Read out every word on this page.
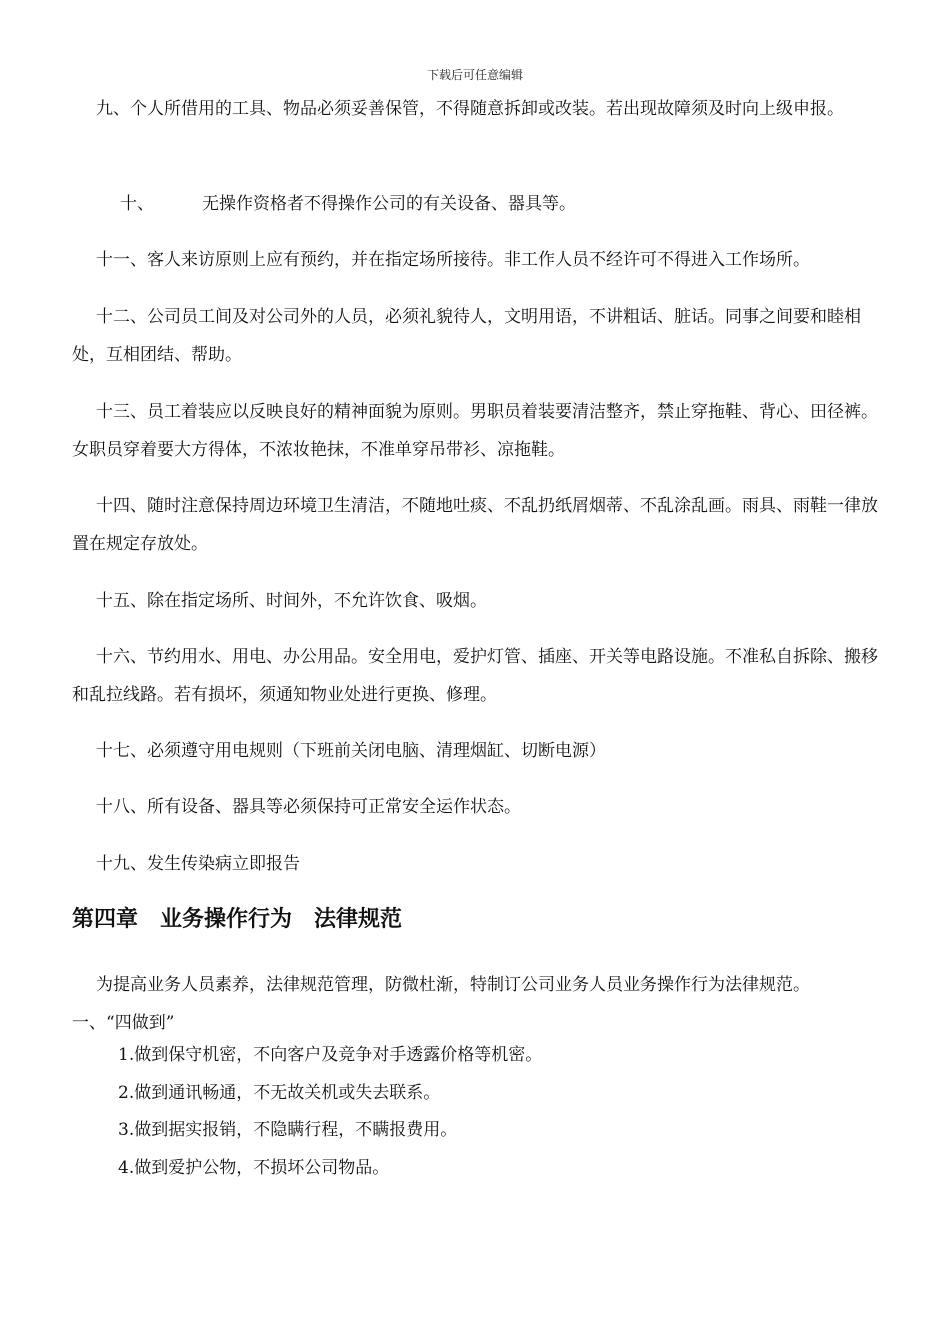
下载后可任意编辑

九、个人所借用的工具、物品必须妥善保管，不得随意拆卸或改装。若出现故障须及时向上级申报。

十、	无操作资格者不得操作公司的有关设备、器具等。

十一、客人来访原则上应有预约，并在指定场所接待。非工作人员不经许可不得进入工作场所。

十二、公司员工间及对公司外的人员，必须礼貌待人，文明用语，不讲粗话、脏话。同事之间要和睦相处，互相团结、帮助。

十三、员工着装应以反映良好的精神面貌为原则。男职员着装要清洁整齐，禁止穿拖鞋、背心、田径裤。女职员穿着要大方得体，不浓妆艳抹，不准单穿吊带衫、凉拖鞋。

十四、随时注意保持周边环境卫生清洁，不随地吐痰、不乱扔纸屑烟蒂、不乱涂乱画。雨具、雨鞋一律放置在规定存放处。

十五、除在指定场所、时间外，不允许饮食、吸烟。

十六、节约用水、用电、办公用品。安全用电，爱护灯管、插座、开关等电路设施。不准私自拆除、搬移和乱拉线路。若有损坏，须通知物业处进行更换、修理。

十七、必须遵守用电规则（下班前关闭电脑、清理烟缸、切断电源）

十八、所有设备、器具等必须保持可正常安全运作状态。

十九、发生传染病立即报告

第四章　业务操作行为　法律规范
为提高业务人员素养，法律规范管理，防微杜渐，特制订公司业务人员业务操作行为法律规范。
一、“四做到”
1.做到保守机密，不向客户及竞争对手透露价格等机密。
2.做到通讯畅通，不无故关机或失去联系。
3.做到据实报销，不隐瞒行程，不瞒报费用。
4.做到爱护公物，不损坏公司物品。
